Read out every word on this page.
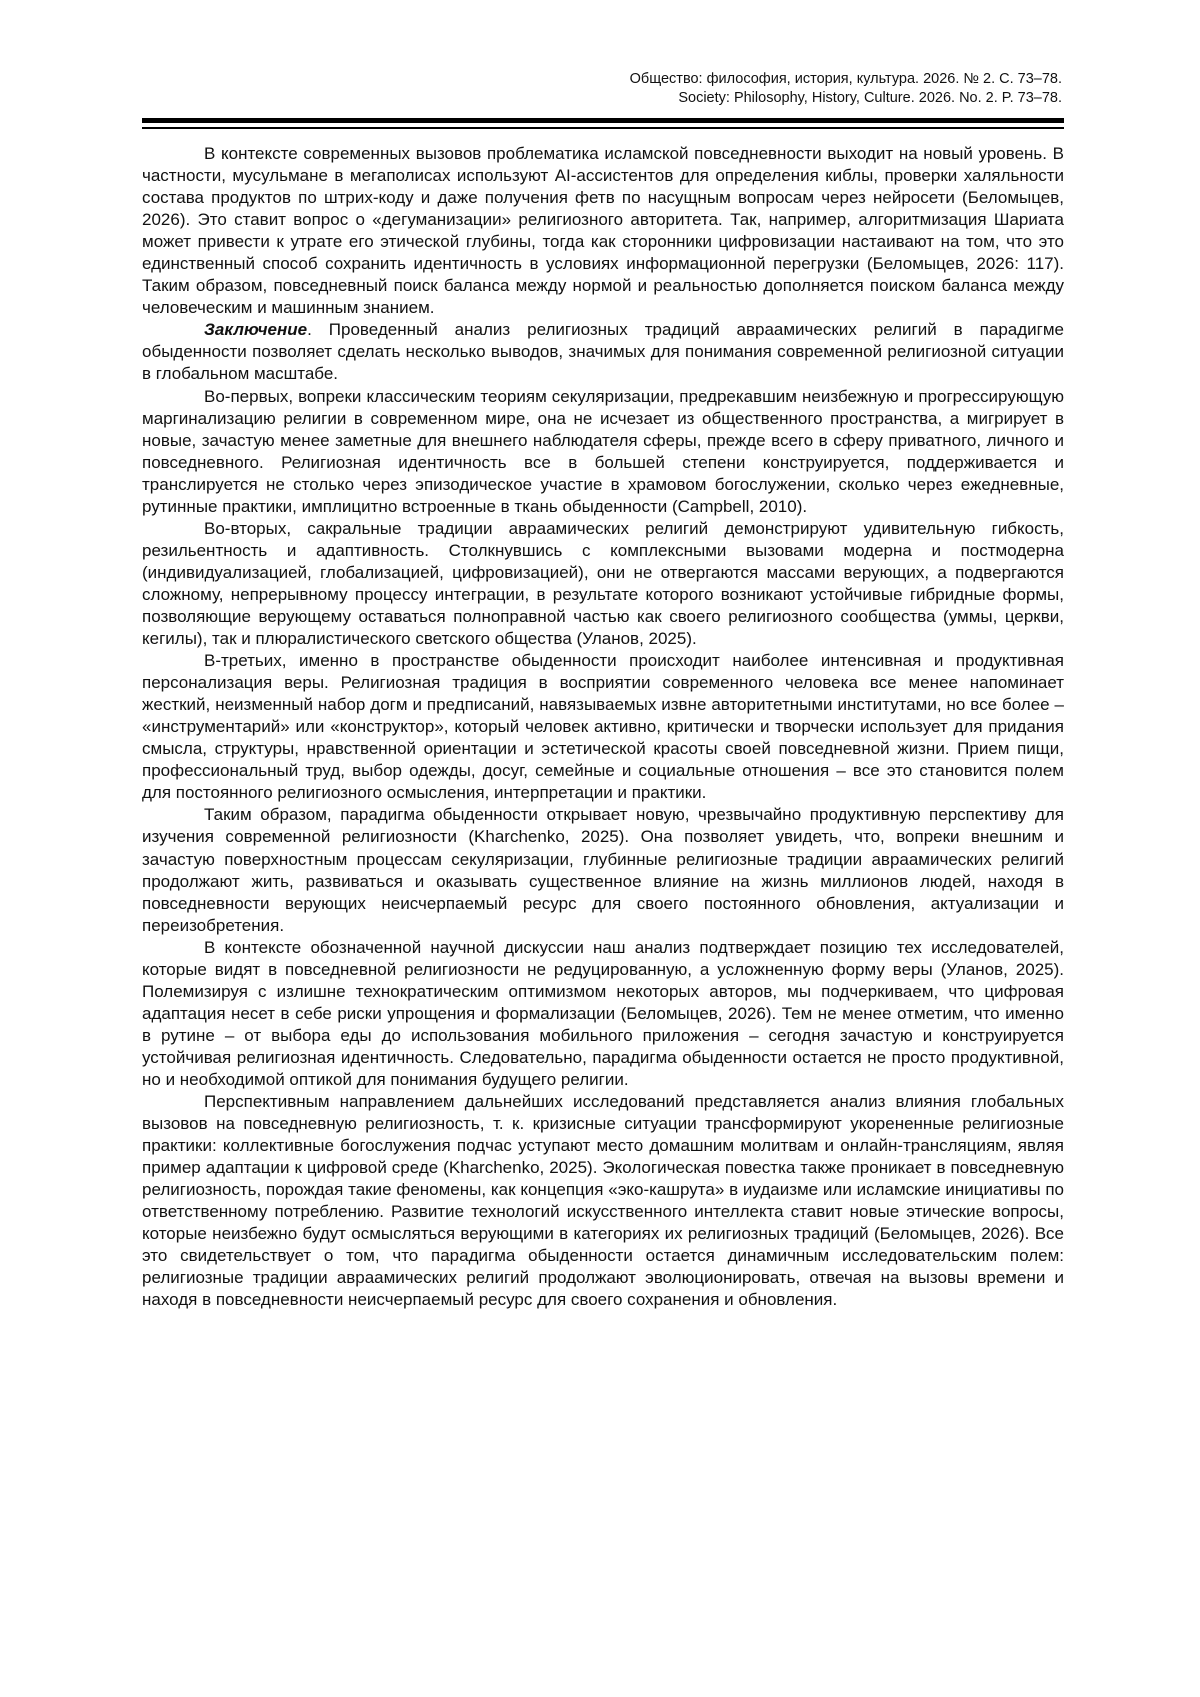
Общество: философия, история, культура. 2026. № 2. С. 73–78.
Society: Philosophy, History, Culture. 2026. No. 2. P. 73–78.

В контексте современных вызовов проблематика исламской повседневности выходит на новый уровень. В частности, мусульмане в мегаполисах используют AI-ассистентов для определения киблы, проверки халяльности состава продуктов по штрих-коду и даже получения фетв по насущным вопросам через нейросети (Беломыцев, 2026). Это ставит вопрос о «дегуманизации» религиозного авторитета. Так, например, алгоритмизация Шариата может привести к утрате его этической глубины, тогда как сторонники цифровизации настаивают на том, что это единственный способ сохранить идентичность в условиях информационной перегрузки (Беломыцев, 2026: 117). Таким образом, повседневный поиск баланса между нормой и реальностью дополняется поиском баланса между человеческим и машинным знанием.

Заключение. Проведенный анализ религиозных традиций авраамических религий в парадигме обыденности позволяет сделать несколько выводов, значимых для понимания современной религиозной ситуации в глобальном масштабе.

Во-первых, вопреки классическим теориям секуляризации, предрекавшим неизбежную и прогрессирующую маргинализацию религии в современном мире, она не исчезает из общественного пространства, а мигрирует в новые, зачастую менее заметные для внешнего наблюдателя сферы, прежде всего в сферу приватного, личного и повседневного. Религиозная идентичность все в большей степени конструируется, поддерживается и транслируется не столько через эпизодическое участие в храмовом богослужении, сколько через ежедневные, рутинные практики, имплицитно встроенные в ткань обыденности (Campbell, 2010).

Во-вторых, сакральные традиции авраамических религий демонстрируют удивительную гибкость, резильентность и адаптивность. Столкнувшись с комплексными вызовами модерна и постмодерна (индивидуализацией, глобализацией, цифровизацией), они не отвергаются массами верующих, а подвергаются сложному, непрерывному процессу интеграции, в результате которого возникают устойчивые гибридные формы, позволяющие верующему оставаться полноправной частью как своего религиозного сообщества (уммы, церкви, кегилы), так и плюралистического светского общества (Уланов, 2025).

В-третьих, именно в пространстве обыденности происходит наиболее интенсивная и продуктивная персонализация веры. Религиозная традиция в восприятии современного человека все менее напоминает жесткий, неизменный набор догм и предписаний, навязываемых извне авторитетными институтами, но все более – «инструментарий» или «конструктор», который человек активно, критически и творчески использует для придания смысла, структуры, нравственной ориентации и эстетической красоты своей повседневной жизни. Прием пищи, профессиональный труд, выбор одежды, досуг, семейные и социальные отношения – все это становится полем для постоянного религиозного осмысления, интерпретации и практики.

Таким образом, парадигма обыденности открывает новую, чрезвычайно продуктивную перспективу для изучения современной религиозности (Kharchenko, 2025). Она позволяет увидеть, что, вопреки внешним и зачастую поверхностным процессам секуляризации, глубинные религиозные традиции авраамических религий продолжают жить, развиваться и оказывать существенное влияние на жизнь миллионов людей, находя в повседневности верующих неисчерпаемый ресурс для своего постоянного обновления, актуализации и переизобретения.

В контексте обозначенной научной дискуссии наш анализ подтверждает позицию тех исследователей, которые видят в повседневной религиозности не редуцированную, а усложненную форму веры (Уланов, 2025). Полемизируя с излишне технократическим оптимизмом некоторых авторов, мы подчеркиваем, что цифровая адаптация несет в себе риски упрощения и формализации (Беломыцев, 2026). Тем не менее отметим, что именно в рутине – от выбора еды до использования мобильного приложения – сегодня зачастую и конструируется устойчивая религиозная идентичность. Следовательно, парадигма обыденности остается не просто продуктивной, но и необходимой оптикой для понимания будущего религии.

Перспективным направлением дальнейших исследований представляется анализ влияния глобальных вызовов на повседневную религиозность, т. к. кризисные ситуации трансформируют укорененные религиозные практики: коллективные богослужения подчас уступают место домашним молитвам и онлайн-трансляциям, являя пример адаптации к цифровой среде (Kharchenko, 2025). Экологическая повестка также проникает в повседневную религиозность, порождая такие феномены, как концепция «эко-кашрута» в иудаизме или исламские инициативы по ответственному потреблению. Развитие технологий искусственного интеллекта ставит новые этические вопросы, которые неизбежно будут осмысляться верующими в категориях их религиозных традиций (Беломыцев, 2026). Все это свидетельствует о том, что парадигма обыденности остается динамичным исследовательским полем: религиозные традиции авраамических религий продолжают эволюционировать, отвечая на вызовы времени и находя в повседневности неисчерпаемый ресурс для своего сохранения и обновления.
